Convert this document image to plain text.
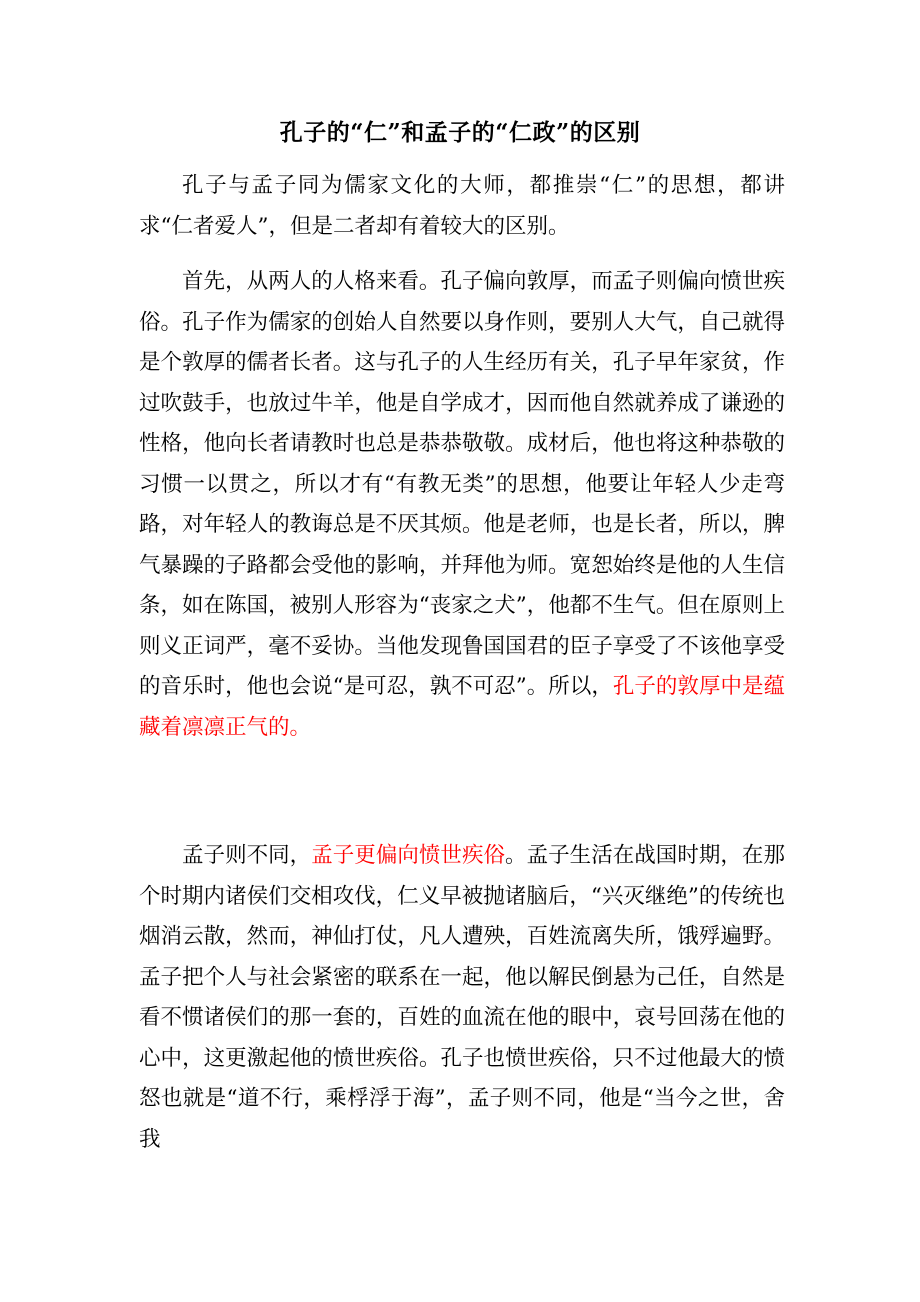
孔子的“仁”和孟子的“仁政”的区别

孔子与孟子同为儒家文化的大师，都推崇“仁”的思想，都讲求“仁者爱人”，但是二者却有着较大的区别。

首先，从两人的人格来看。孔子偏向敦厚，而孟子则偏向愤世疾俗。孔子作为儒家的创始人自然要以身作则，要别人大气，自己就得是个敦厚的儒者长者。这与孔子的人生经历有关，孔子早年家贫，作过吹鼓手，也放过牛羊，他是自学成才，因而他自然就养成了谦逊的性格，他向长者请教时也总是恭恭敬敬。成材后，他也将这种恭敬的习惯一以贯之，所以才有“有教无类”的思想，他要让年轻人少走弯路，对年轻人的教诲总是不厌其烦。他是老师，也是长者，所以，脾气暴躁的子路都会受他的影响，并拜他为师。宽恕始终是他的人生信条，如在陈国，被别人形容为“丧家之犬”，他都不生气。但在原则上则义正词严，毫不妥协。当他发现鲁国国君的臣子享受了不该他享受的音乐时，他也会说“是可忍，孰不可忍”。所以，孔子的敦厚中是蕴藏着凛凛正气的。

孟子则不同，孟子更偏向愤世疾俗。孟子生活在战国时期，在那个时期内诸侯们交相攻伐，仁义早被抛诸脑后，“兴灭继绝”的传统也烟消云散，然而，神仙打仗，凡人遭殃，百姓流离失所，饿殍遍野。孟子把个人与社会紧密的联系在一起，他以解民倒悬为己任，自然是看不惯诸侯们的那一套的，百姓的血流在他的眼中，哀号回荡在他的心中，这更激起他的愤世疾俗。孔子也愤世疾俗，只不过他最大的愤怒也就是“道不行，乘桴浮于海”，孟子则不同，他是“当今之世，舍我
